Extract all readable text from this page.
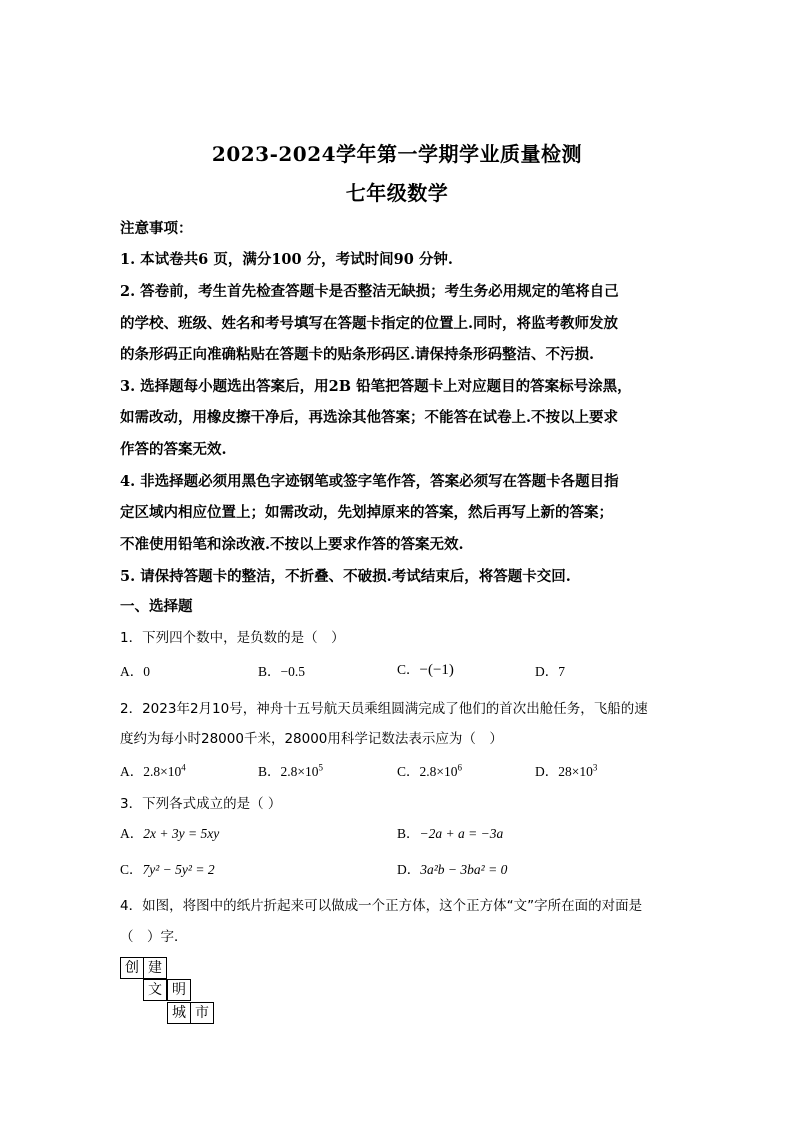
2023-2024学年第一学期学业质量检测
七年级数学
注意事项：
1. 本试卷共6 页，满分100 分，考试时间90 分钟.
2. 答卷前，考生首先检查答题卡是否整洁无缺损；考生务必用规定的笔将自己
的学校、班级、姓名和考号填写在答题卡指定的位置上.同时，将监考教师发放
的条形码正向准确粘贴在答题卡的贴条形码区.请保持条形码整洁、不污损.
3. 选择题每小题选出答案后，用2B 铅笔把答题卡上对应题目的答案标号涂黑，
如需改动，用橡皮擦干净后，再选涂其他答案；不能答在试卷上.不按以上要求
作答的答案无效.
4. 非选择题必须用黑色字迹钢笔或签字笔作答，答案必须写在答题卡各题目指
定区域内相应位置上；如需改动，先划掉原来的答案，然后再写上新的答案；
不准使用铅笔和涂改液.不按以上要求作答的答案无效.
5. 请保持答题卡的整洁，不折叠、不破损.考试结束后，将答题卡交回.
一、选择题
1．下列四个数中，是负数的是（　）
A．0	B．−0.5	C．−(−1)	D．7
2．2023年2月10号，神舟十五号航天员乘组圆满完成了他们的首次出舱任务，飞船的速
度约为每小时28000千米，28000用科学记数法表示应为（　）
A．$2.8\times 10^4$	B．$2.8\times 10^5$	C．$2.8\times 10^6$	D．$28\times 10^3$
3．下列各式成立的是（ ）
A．2x + 3y = 5xy	B．−2a + a = −3a
C．7y² − 5y² = 2	D．3a²b − 3ba² = 0
4．如图，将图中的纸片折起来可以做成一个正方体，这个正方体“文”字所在面的对面是
（　）字．
创 建
文 明
城 市
